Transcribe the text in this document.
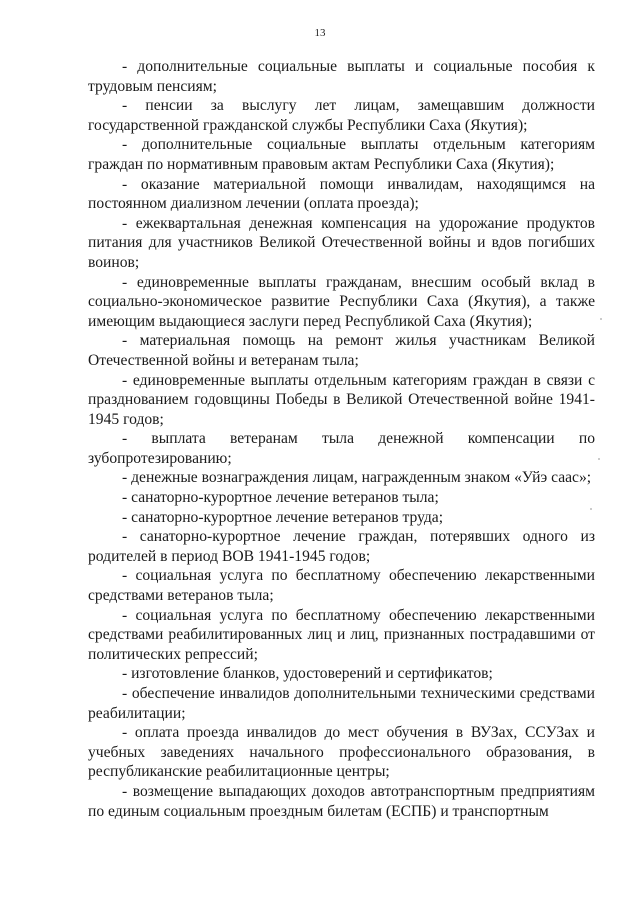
13

- дополнительные социальные выплаты и социальные пособия к трудовым пенсиям;

- пенсии за выслугу лет лицам, замещавшим должности государственной гражданской службы Республики Саха (Якутия);

- дополнительные социальные выплаты отдельным категориям граждан по нормативным правовым актам Республики Саха (Якутия);

- оказание материальной помощи инвалидам, находящимся на постоянном диализном лечении (оплата проезда);

- ежеквартальная денежная компенсация на удорожание продуктов питания для участников Великой Отечественной войны и вдов погибших воинов;

- единовременные выплаты гражданам, внесшим особый вклад в социально-экономическое развитие Республики Саха (Якутия), а также имеющим выдающиеся заслуги перед Республикой Саха (Якутия);

- материальная помощь на ремонт жилья участникам Великой Отечественной войны и ветеранам тыла;

- единовременные выплаты отдельным категориям граждан в связи с празднованием годовщины Победы в Великой Отечественной войне 1941-1945 годов;

- выплата ветеранам тыла денежной компенсации по зубопротезированию;

- денежные вознаграждения лицам, награжденным знаком «Уйэ саас»;

- санаторно-курортное лечение ветеранов тыла;

- санаторно-курортное лечение ветеранов труда;

- санаторно-курортное лечение граждан, потерявших одного из родителей в период ВОВ 1941-1945 годов;

- социальная услуга по бесплатному обеспечению лекарственными средствами ветеранов тыла;

- социальная услуга по бесплатному обеспечению лекарственными средствами реабилитированных лиц и лиц, признанных пострадавшими от политических репрессий;

- изготовление бланков, удостоверений и сертификатов;

- обеспечение инвалидов дополнительными техническими средствами реабилитации;

- оплата проезда инвалидов до мест обучения в ВУЗах, ССУЗах и учебных заведениях начального профессионального образования, в республиканские реабилитационные центры;

- возмещение выпадающих доходов автотранспортным предприятиям по единым социальным проездным билетам (ЕСПБ) и транспортным
